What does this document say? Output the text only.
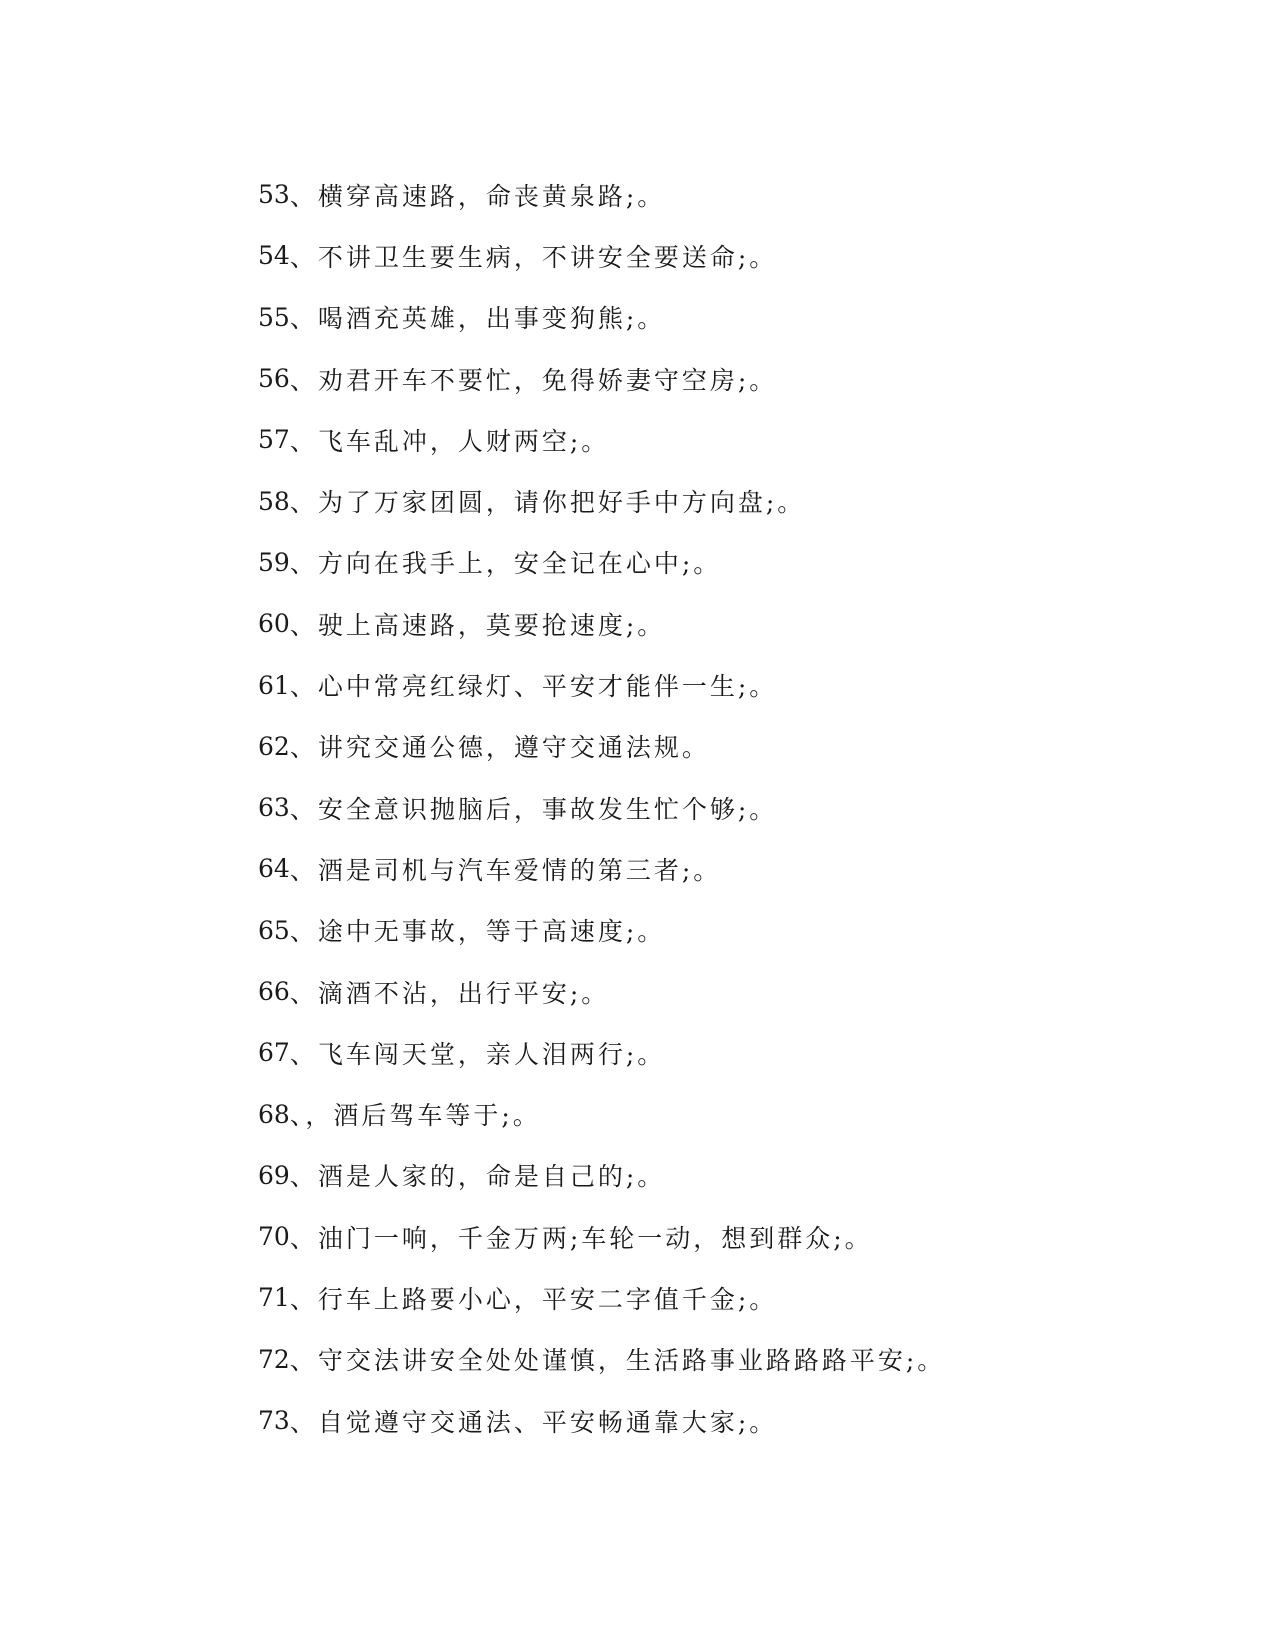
53 、横穿高速路，命丧黄泉路;。
54 、不讲卫生要生病，不讲安全要送命;。
55 、喝酒充英雄，出事变狗熊;。
56 、劝君开车不要忙，免得娇妻守空房;。
57 、飞车乱冲，人财两空;。
58 、为了万家团圆，请你把好手中方向盘;。
59 、方向在我手上，安全记在心中;。
60 、驶上高速路，莫要抢速度;。
61 、心中常亮红绿灯、平安才能伴一生;。
62 、讲究交通公德，遵守交通法规。
63 、安全意识抛脑后，事故发生忙个够;。
64 、酒是司机与汽车爱情的第三者;。
65 、途中无事故，等于高速度;。
66 、滴酒不沾，出行平安;。
67 、飞车闯天堂，亲人泪两行;。
68 、，酒后驾车等于;。
69 、酒是人家的，命是自己的;。
70 、油门一响，千金万两;车轮一动，想到群众;。
71 、行车上路要小心，平安二字值千金;。
72 、守交法讲安全处处谨慎，生活路事业路路路平安;。
73 、自觉遵守交通法、平安畅通靠大家;。
